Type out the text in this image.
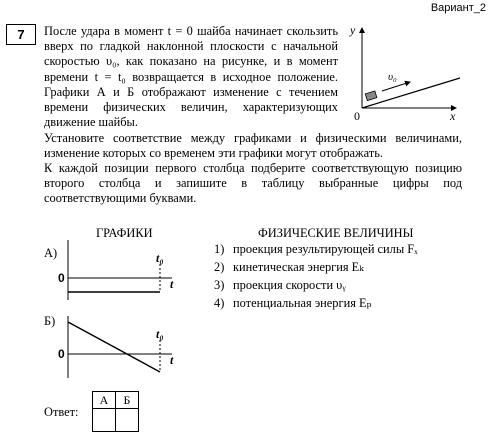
Вариант_2
7	После удара в момент t = 0 шайба начинает скользить
вверх по гладкой наклонной плоскости с начальной
скоростью υ₀, как показано на рисунке, и в момент
времени t = t₀ возвращается в исходное положение.
Графики А и Б отображают изменение с течением
времени физических величин, характеризующих
движение шайбы.
Установите соответствие между графиками и физическими величинами,
изменение которых со временем эти графики могут отображать.
К каждой позиции первого столбца подберите соответствующую позицию
второго столбца и запишите в таблицу выбранные цифры под
соответствующими буквами.
y
x
0
υ₀
ГРАФИКИ	ФИЗИЧЕСКИЕ ВЕЛИЧИНЫ
А)
0
t₀
t
Б)
0
t₀
t
1) проекция результирующей силы Fₓ
2) кинетическая энергия Eₖ
3) проекция скорости υᵧ
4) потенциальная энергия Eₚ
Ответ:
А	Б
